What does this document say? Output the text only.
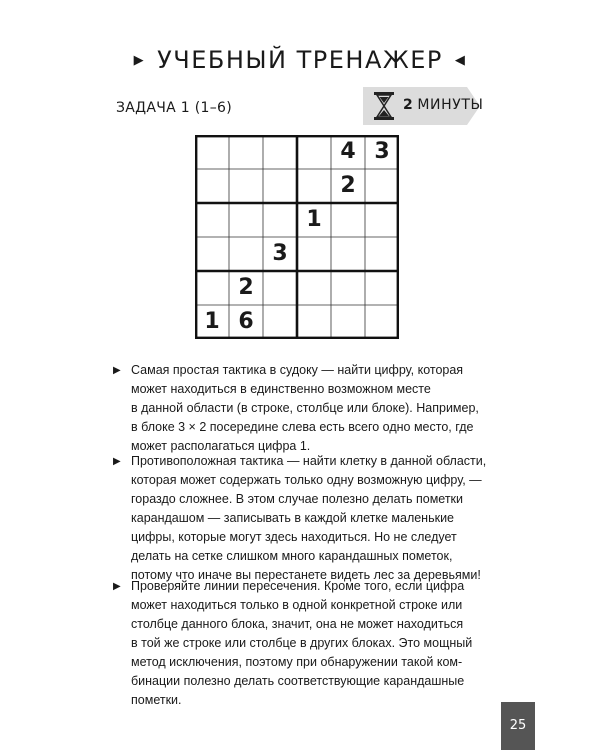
▶ УЧЕБНЫЙ ТРЕНАЖЕР ◀
ЗАДАЧА 1 (1–6)	2 МИНУТЫ
4 3
2
1
3
2
1 6
▶ Самая простая тактика в судоку — найти цифру, которая
может находиться в единственно возможном месте
в данной области (в строке, столбце или блоке). Например,
в блоке 3 × 2 посередине слева есть всего одно место, где
может располагаться цифра 1.

▶ Противоположная тактика — найти клетку в данной области,
которая может содержать только одну возможную цифру, —
гораздо сложнее. В этом случае полезно делать пометки
карандашом — записывать в каждой клетке маленькие
цифры, которые могут здесь находиться. Но не следует
делать на сетке слишком много карандашных пометок,
потому что иначе вы перестанете видеть лес за деревьями!

▶ Проверяйте линии пересечения. Кроме того, если цифра
может находиться только в одной конкретной строке или
столбце данного блока, значит, она не может находиться
в той же строке или столбце в других блоках. Это мощный
метод исключения, поэтому при обнаружении такой ком-
бинации полезно делать соответствующие карандашные
пометки.

25
